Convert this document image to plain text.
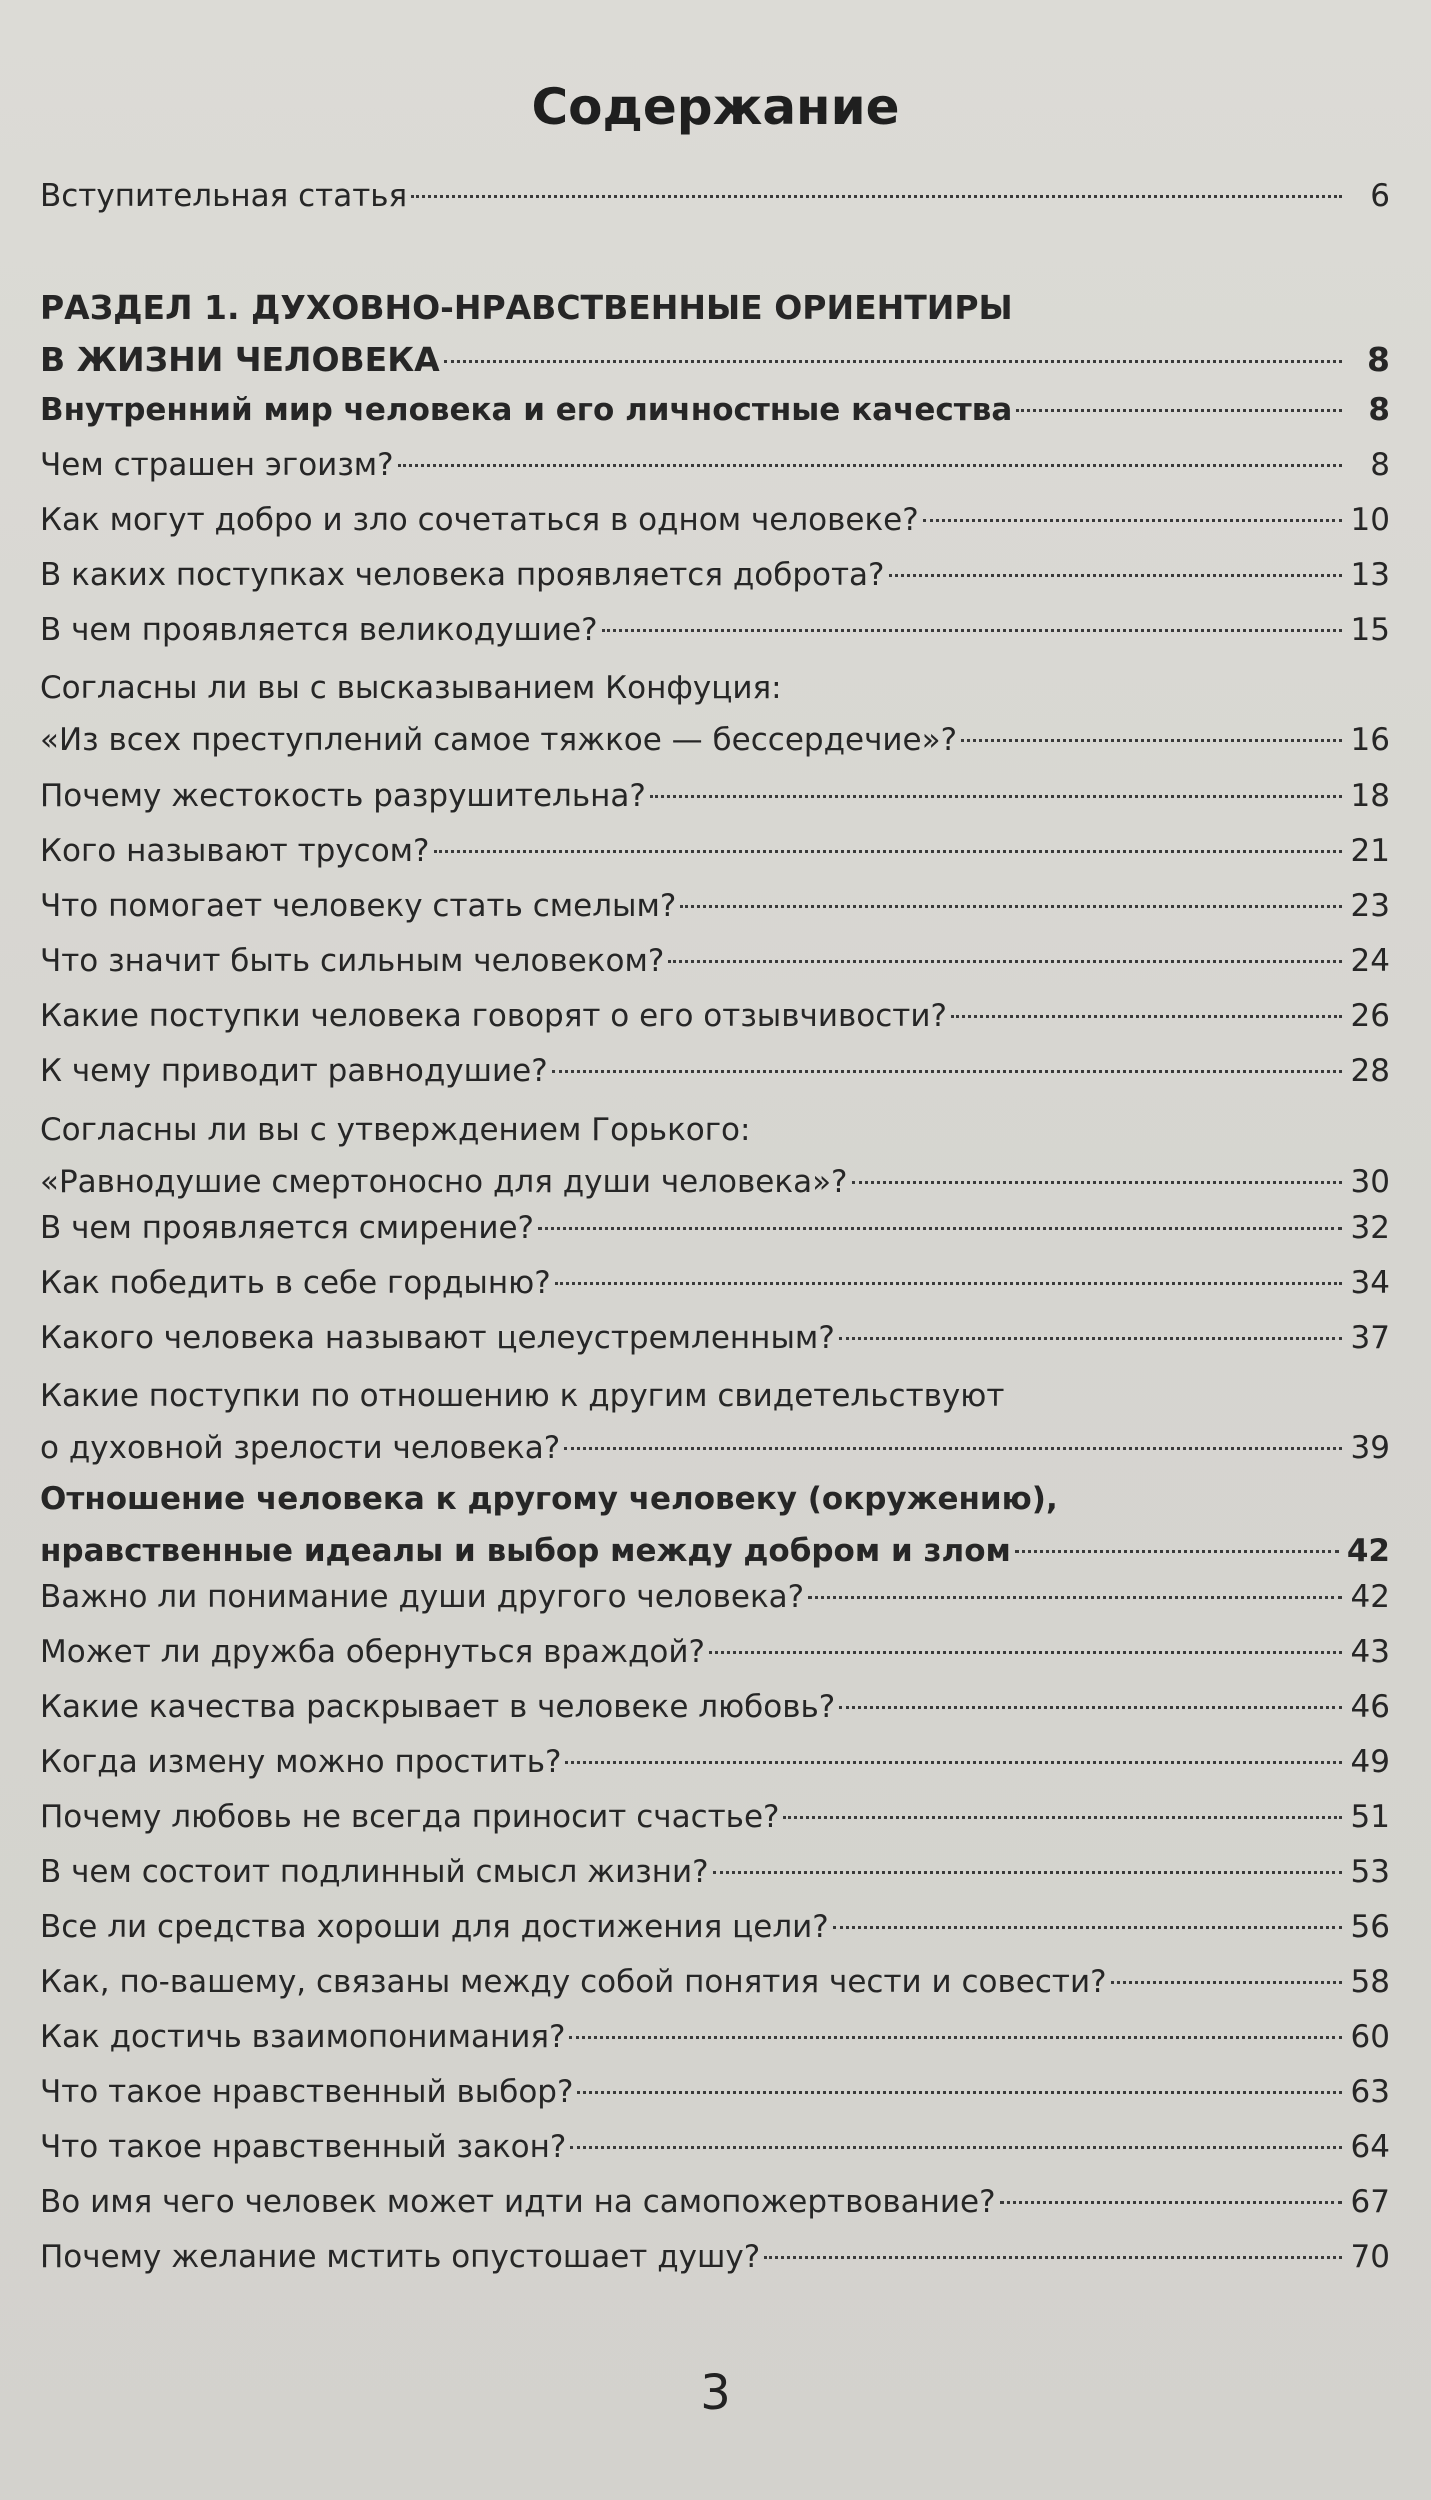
Содержание
Вступительная статья	6
РАЗДЕЛ 1. ДУХОВНО-НРАВСТВЕННЫЕ ОРИЕНТИРЫ
В ЖИЗНИ ЧЕЛОВЕКА	8
Внутренний мир человека и его личностные качества	8
Чем страшен эгоизм?	8
Как могут добро и зло сочетаться в одном человеке?	10
В каких поступках человека проявляется доброта?	13
В чем проявляется великодушие?	15
Согласны ли вы с высказыванием Конфуция:
«Из всех преступлений самое тяжкое — бессердечие»?	16
Почему жестокость разрушительна?	18
Кого называют трусом?	21
Что помогает человеку стать смелым?	23
Что значит быть сильным человеком?	24
Какие поступки человека говорят о его отзывчивости?	26
К чему приводит равнодушие?	28
Согласны ли вы с утверждением Горького:
«Равнодушие смертоносно для души человека»?	30
В чем проявляется смирение?	32
Как победить в себе гордыню?	34
Какого человека называют целеустремленным?	37
Какие поступки по отношению к другим свидетельствуют
о духовной зрелости человека?	39
Отношение человека к другому человеку (окружению),
нравственные идеалы и выбор между добром и злом	42
Важно ли понимание души другого человека?	42
Может ли дружба обернуться враждой?	43
Какие качества раскрывает в человеке любовь?	46
Когда измену можно простить?	49
Почему любовь не всегда приносит счастье?	51
В чем состоит подлинный смысл жизни?	53
Все ли средства хороши для достижения цели?	56
Как, по-вашему, связаны между собой понятия чести и совести?	58
Как достичь взаимопонимания?	60
Что такое нравственный выбор?	63
Что такое нравственный закон?	64
Во имя чего человек может идти на самопожертвование?	67
Почему желание мстить опустошает душу?	70
3
